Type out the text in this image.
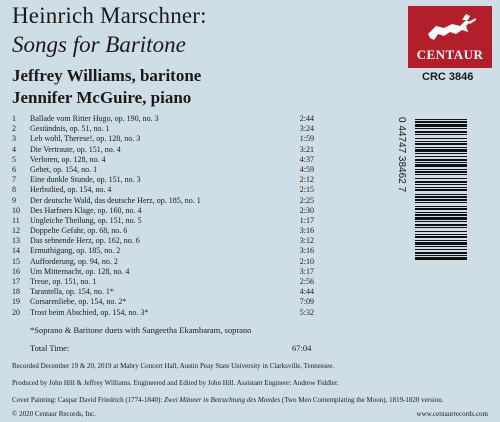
Heinrich Marschner:
Songs for Baritone
Jeffrey Williams, baritone
Jennifer McGuire, piano
CENTAUR
CRC 3846
1	Ballade vom Ritter Hugo, op. 190, no. 3	2:44
2	Geständnis, op. 51, no. 1	3:24
3	Leb wohl, Therese!, op. 128, no. 3	1:59
4	Die Vertraute, op. 151, no. 4	3:21
5	Verloren, op. 128, no. 4	4:37
6	Gebet, op. 154, no. 1	4:59
7	Eine dunkle Stunde, op. 151, no. 3	2:12
8	Herbstlied, op. 154, no. 4	2:15
9	Der deutsche Wald, das deutsche Herz, op. 185, no. 1	2:25
10	Des Harfners Klage, op. 160, no. 4	2:30
11	Ungleiche Theilung, op. 151, no. 5	1:17
12	Doppelte Gefahr, op. 68, no. 6	3:16
13	Das sehnende Herz, op. 162, no. 6	3:12
14	Ermuthigung, op. 185, no. 2	3:16
15	Aufforderung, op. 94, no. 2	2:10
16	Um Mitternacht, op. 128, no. 4	3:17
17	Treue, op. 151, no. 1	2:56
18	Tarantella, op. 154, no. 1*	4:44
19	Corsarenliebe, op. 154, no. 2*	7:09
20	Trost beim Abschied, op. 154, no. 3*	5:32
0 44747 38462 7
*Soprano & Baritone duets with Sangeetha Ekambaram, soprano
Total Time:	67:04
Recorded December 19 & 20, 2019 at Mabry Concert Hall, Austin Peay State University in Clarksville, Tennessee.
Produced by John Hill & Jeffrey Williams. Engineered and Edited by John Hill. Assistant Engineer: Andrew Fiddler.
Cover Painting: Caspar David Friedrich (1774-1840): Zwei Männer in Betrachtung des Mondes (Two Men Contemplating the Moon), 1819-1820 version.
© 2020 Centaur Records, Inc.	www.centaurrecords.com
